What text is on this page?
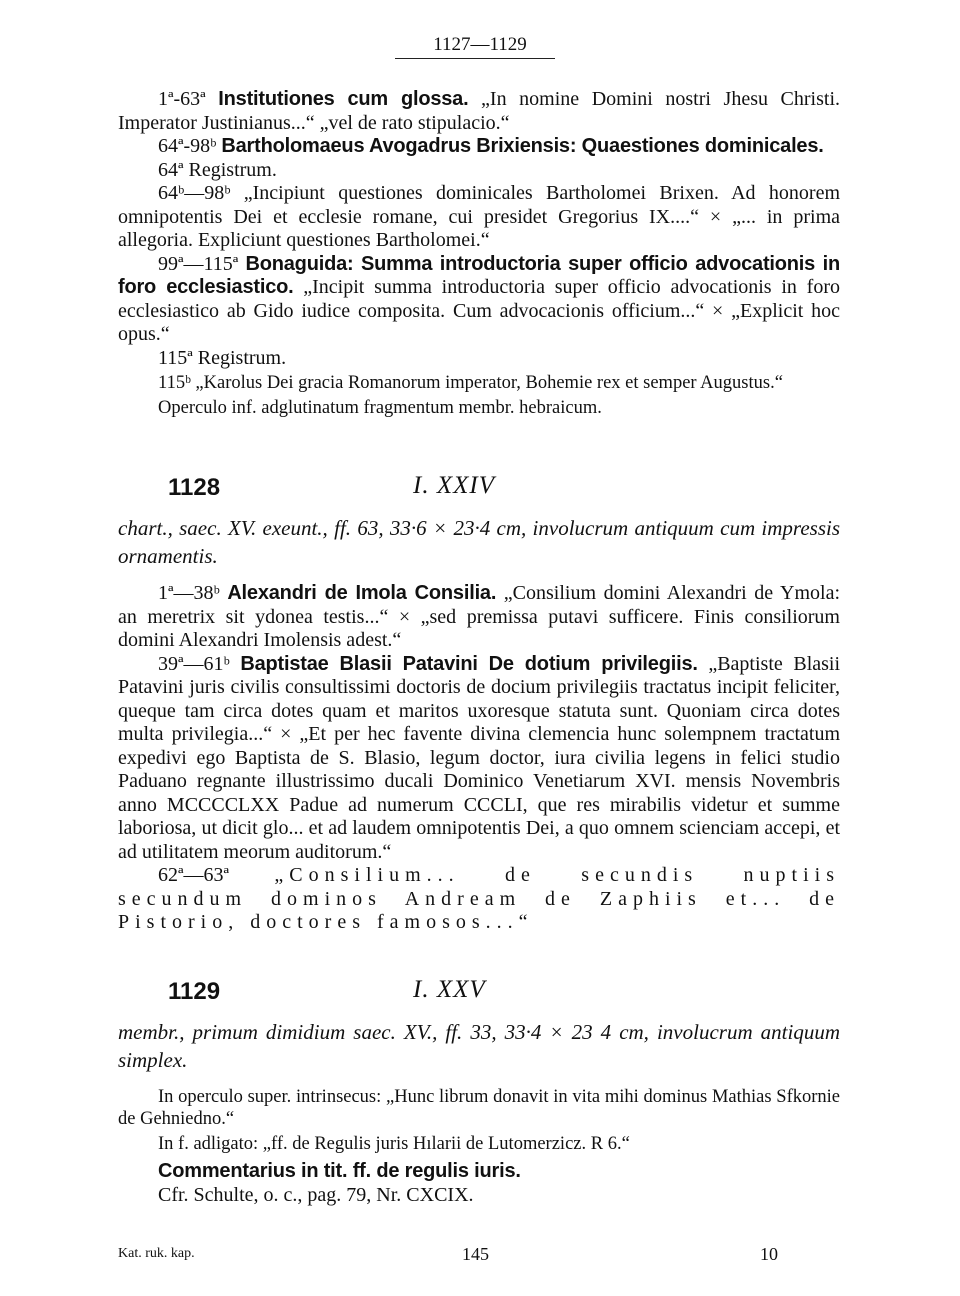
1127—1129

1ª-63ª Institutiones cum glossa. „In nomine Domini nostri Jhesu Christi. Imperator Justinianus...“ „vel de rato stipulacio.“

64ª-98ᵇ Bartholomaeus Avogadrus Brixiensis: Quaestiones dominicales.

64ª Registrum.

64ᵇ—98ᵇ „Incipiunt questiones dominicales Bartholomei Brixen. Ad honorem omnipotentis Dei et ecclesie romane, cui presidet Gregorius IX....“ × „... in prima allegoria. Expliciunt questiones Bartholomei.“

99ª—115ª Bonaguida: Summa introductoria super officio advocationis in foro ecclesiastico. „Incipit summa introductoria super officio advocationis in foro ecclesiastico ab Gido iudice composita. Cum advocacionis officium...“ × „Explicit hoc opus.“

115ª Registrum.

115ᵇ „Karolus Dei gracia Romanorum imperator, Bohemie rex et semper Augustus.“

Operculo inf. adglutinatum fragmentum membr. hebraicum.

1128	I. XXIV
chart., saec. XV. exeunt., ff. 63, 33·6 × 23·4 cm, involucrum antiquum cum impressis ornamentis.

1ª—38ᵇ Alexandri de Imola Consilia. „Consilium domini Alexandri de Ymola: an meretrix sit ydonea testis...“ × „sed premissa putavi sufficere. Finis consiliorum domini Alexandri Imolensis adest.“

39ª—61ᵇ Baptistae Blasii Patavini De dotium privilegiis. „Baptiste Blasii Patavini juris civilis consultissimi doctoris de docium privilegiis tractatus incipit feliciter, queque tam circa dotes quam et maritos uxoresque statuta sunt. Quoniam circa dotes multa privilegia...“ × „Et per hec favente divina clemencia hunc solempnem tractatum expedivi ego Baptista de S. Blasio, legum doctor, iura civilia legens in felici studio Paduano regnante illustrissimo ducali Dominico Venetiarum XVI. mensis Novembris anno MCCCCLXX Padue ad numerum CCCLI, que res mirabilis videtur et summe laboriosa, ut dicit glo... et ad laudem omnipotentis Dei, a quo omnem scienciam accepi, et ad utilitatem meorum auditorum.“

62ª—63ª „Consilium... de secundis nuptiis secundum dominos Andream de Zaphiis et... de Pistorio, doctores famosos...“

1129	I. XXV
membr., primum dimidium saec. XV., ff. 33, 33·4 × 23 4 cm, involucrum antiquum simplex.

In operculo super. intrinsecus: „Hunc librum donavit in vita mihi dominus Mathias Sfkornie de Gehniedno.“

In f. adligato: „ff. de Regulis juris Hılarii de Lutomerzicz. R 6.“

Commentarius in tit. ff. de regulis iuris.

Cfr. Schulte, o. c., pag. 79, Nr. CXCIX.

Kat. ruk. kap.	145	10
